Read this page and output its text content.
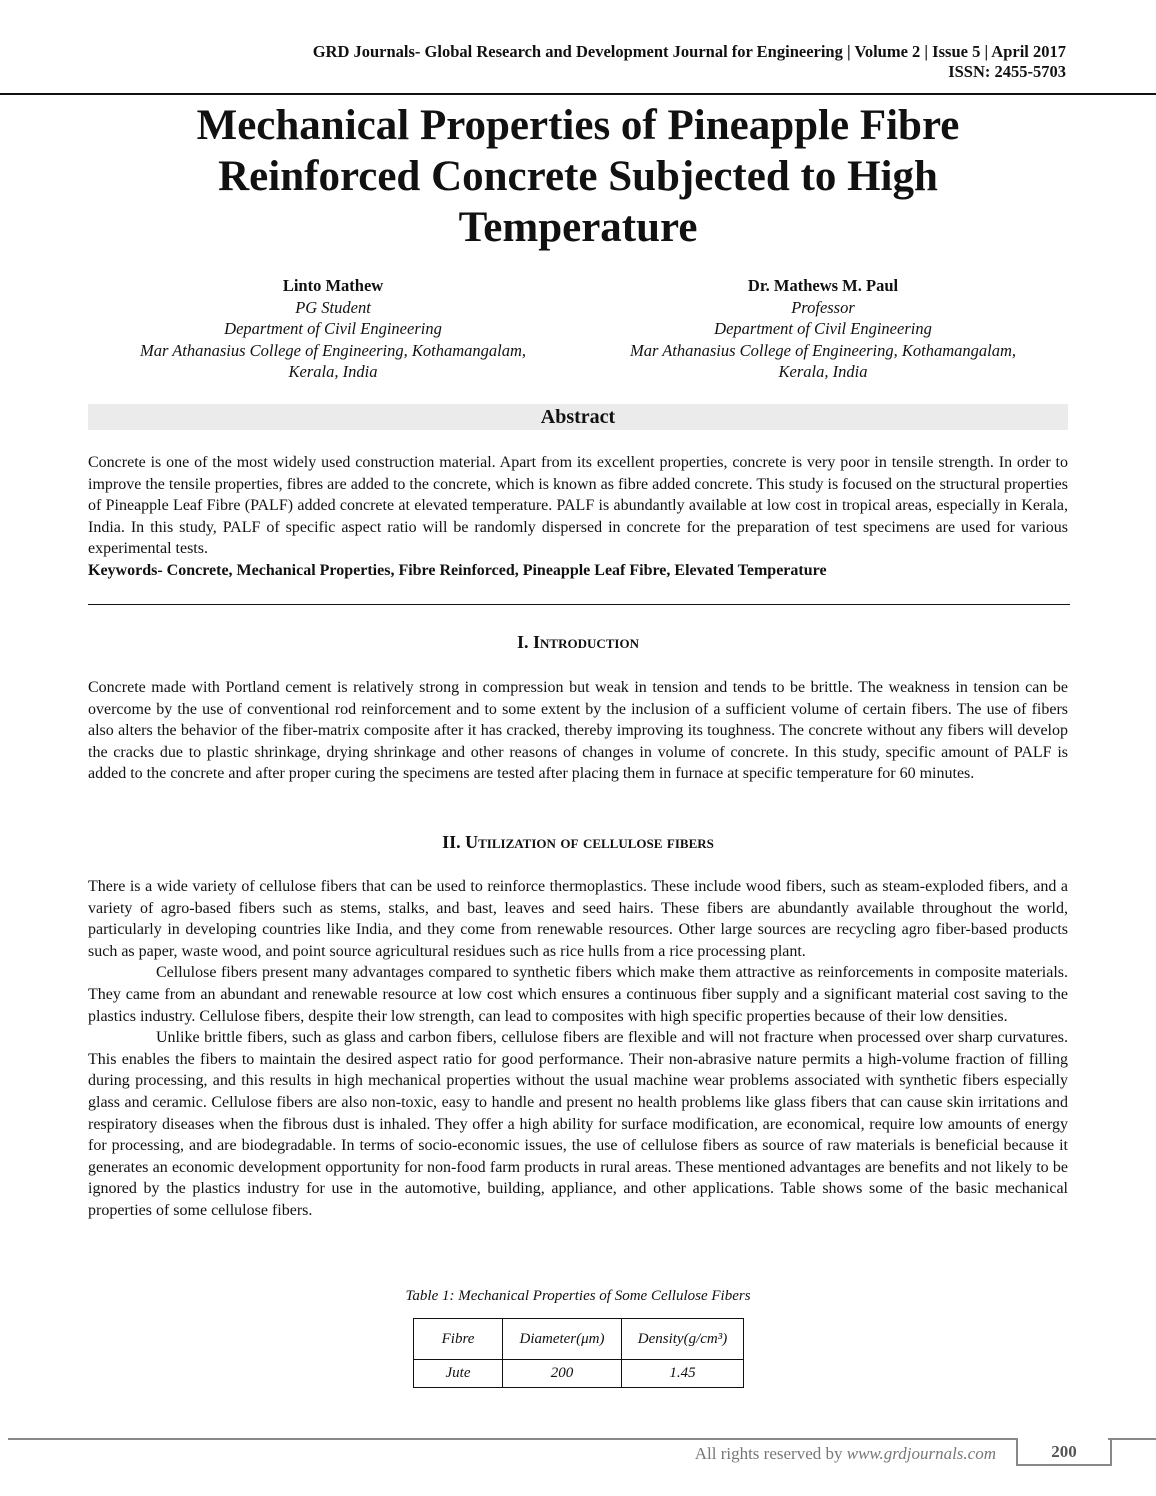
GRD Journals- Global Research and Development Journal for Engineering | Volume 2 | Issue 5 | April 2017
ISSN: 2455-5703
Mechanical Properties of Pineapple Fibre
Reinforced Concrete Subjected to High
Temperature
Linto Mathew
PG Student
Department of Civil Engineering
Mar Athanasius College of Engineering, Kothamangalam,
Kerala, India
Dr. Mathews M. Paul
Professor
Department of Civil Engineering
Mar Athanasius College of Engineering, Kothamangalam,
Kerala, India
Abstract

Concrete is one of the most widely used construction material. Apart from its excellent properties, concrete is very poor in tensile strength. In order to improve the tensile properties, fibres are added to the concrete, which is known as fibre added concrete. This study is focused on the structural properties of Pineapple Leaf Fibre (PALF) added concrete at elevated temperature. PALF is abundantly available at low cost in tropical areas, especially in Kerala, India. In this study, PALF of specific aspect ratio will be randomly dispersed in concrete for the preparation of test specimens are used for various experimental tests.

Keywords- Concrete, Mechanical Properties, Fibre Reinforced, Pineapple Leaf Fibre, Elevated Temperature

I. Introduction

Concrete made with Portland cement is relatively strong in compression but weak in tension and tends to be brittle. The weakness in tension can be overcome by the use of conventional rod reinforcement and to some extent by the inclusion of a sufficient volume of certain fibers. The use of fibers also alters the behavior of the fiber-matrix composite after it has cracked, thereby improving its toughness. The concrete without any fibers will develop the cracks due to plastic shrinkage, drying shrinkage and other reasons of changes in volume of concrete. In this study, specific amount of PALF is added to the concrete and after proper curing the specimens are tested after placing them in furnace at specific temperature for 60 minutes.

II. Utilization of cellulose fibers

There is a wide variety of cellulose fibers that can be used to reinforce thermoplastics. These include wood fibers, such as steam-exploded fibers, and a variety of agro-based fibers such as stems, stalks, and bast, leaves and seed hairs. These fibers are abundantly available throughout the world, particularly in developing countries like India, and they come from renewable resources. Other large sources are recycling agro fiber-based products such as paper, waste wood, and point source agricultural residues such as rice hulls from a rice processing plant.

Cellulose fibers present many advantages compared to synthetic fibers which make them attractive as reinforcements in composite materials. They came from an abundant and renewable resource at low cost which ensures a continuous fiber supply and a significant material cost saving to the plastics industry. Cellulose fibers, despite their low strength, can lead to composites with high specific properties because of their low densities.

Unlike brittle fibers, such as glass and carbon fibers, cellulose fibers are flexible and will not fracture when processed over sharp curvatures. This enables the fibers to maintain the desired aspect ratio for good performance. Their non-abrasive nature permits a high-volume fraction of filling during processing, and this results in high mechanical properties without the usual machine wear problems associated with synthetic fibers especially glass and ceramic. Cellulose fibers are also non-toxic, easy to handle and present no health problems like glass fibers that can cause skin irritations and respiratory diseases when the fibrous dust is inhaled. They offer a high ability for surface modification, are economical, require low amounts of energy for processing, and are biodegradable. In terms of socio-economic issues, the use of cellulose fibers as source of raw materials is beneficial because it generates an economic development opportunity for non-food farm products in rural areas. These mentioned advantages are benefits and not likely to be ignored by the plastics industry for use in the automotive, building, appliance, and other applications. Table shows some of the basic mechanical properties of some cellulose fibers.

Table 1: Mechanical Properties of Some Cellulose Fibers
Fibre	Diameter(μm)	Density(g/cm³)
Jute	200	1.45
All rights reserved by www.grdjournals.com	200
